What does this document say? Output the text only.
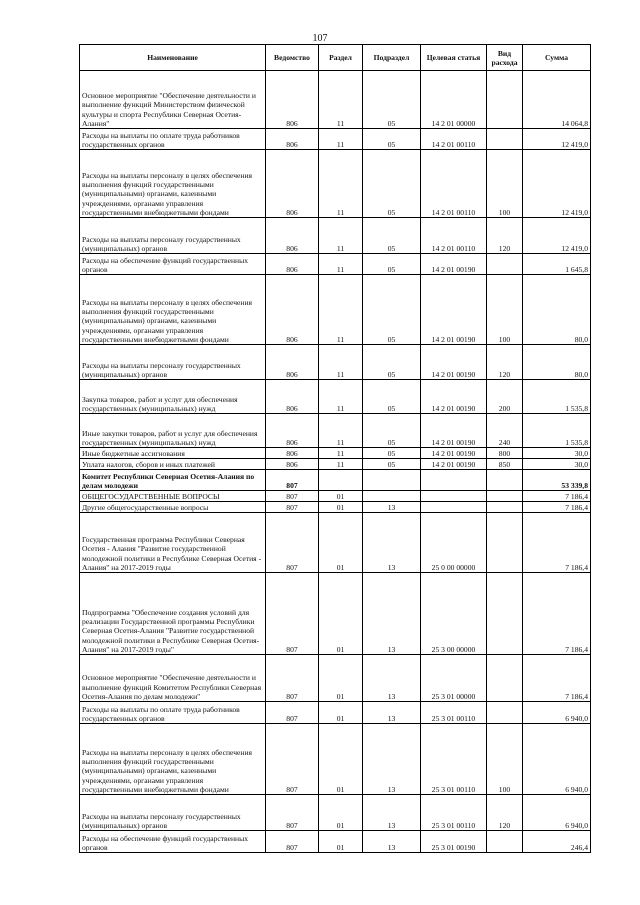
107
Наименование	Ведомство	Раздел	Подраздел	Целевая статья	Вид расхода	Сумма
Основное мероприятие "Обеспечение деятельности и выполнение функций Министерством физической культуры и спорта Республики Северная Осетия-Алания"	806	11	05	14 2 01 00000		14 064,8
Расходы на выплаты по оплате труда работников государственных органов	806	11	05	14 2 01 00110		12 419,0
Расходы на выплаты персоналу в целях обеспечения выполнения функций государственными (муниципальными) органами, казенными учреждениями, органами управления государственными внебюджетными фондами	806	11	05	14 2 01 00110	100	12 419,0
Расходы на выплаты персоналу государственных (муниципальных) органов	806	11	05	14 2 01 00110	120	12 419,0
Расходы на обеспечение функций государственных органов	806	11	05	14 2 01 00190		1 645,8
Расходы на выплаты персоналу в целях обеспечения выполнения функций государственными (муниципальными) органами, казенными учреждениями, органами управления государственными внебюджетными фондами	806	11	05	14 2 01 00190	100	80,0
Расходы на выплаты персоналу государственных (муниципальных) органов	806	11	05	14 2 01 00190	120	80,0
Закупка товаров, работ и услуг для обеспечения государственных (муниципальных) нужд	806	11	05	14 2 01 00190	200	1 535,8
Иные закупки товаров, работ и услуг для обеспечения государственных (муниципальных) нужд	806	11	05	14 2 01 00190	240	1 535,8
Иные бюджетные ассигнования	806	11	05	14 2 01 00190	800	30,0
Уплата налогов, сборов и иных платежей	806	11	05	14 2 01 00190	850	30,0
Комитет Республики Северная Осетия-Алания по делам молодежи	807					53 339,8
ОБЩЕГОСУДАРСТВЕННЫЕ ВОПРОСЫ	807	01				7 186,4
Другие общегосударственные вопросы	807	01	13			7 186,4
Государственная программа Республики Северная Осетия - Алания "Развитие государственной молодежной политики в Республике Северная Осетия - Алания" на 2017-2019 годы	807	01	13	25 0 00 00000		7 186,4
Подпрограмма "Обеспечение создания условий для реализации Государственной программы Республики Северная Осетия-Алания "Развитие государственной молодежной политики в Республике Северная Осетия-Алания" на 2017-2019 годы"	807	01	13	25 3 00 00000		7 186,4
Основное мероприятие "Обеспечение деятельности и выполнение функций Комитетом Республики Северная Осетия-Алания по делам молодежи"	807	01	13	25 3 01 00000		7 186,4
Расходы на выплаты по оплате труда работников государственных органов	807	01	13	25 3 01 00110		6 940,0
Расходы на выплаты персоналу в целях обеспечения выполнения функций государственными (муниципальными) органами, казенными учреждениями, органами управления государственными внебюджетными фондами	807	01	13	25 3 01 00110	100	6 940,0
Расходы на выплаты персоналу государственных (муниципальных) органов	807	01	13	25 3 01 00110	120	6 940,0
Расходы на обеспечение функций государственных органов	807	01	13	25 3 01 00190		246,4
